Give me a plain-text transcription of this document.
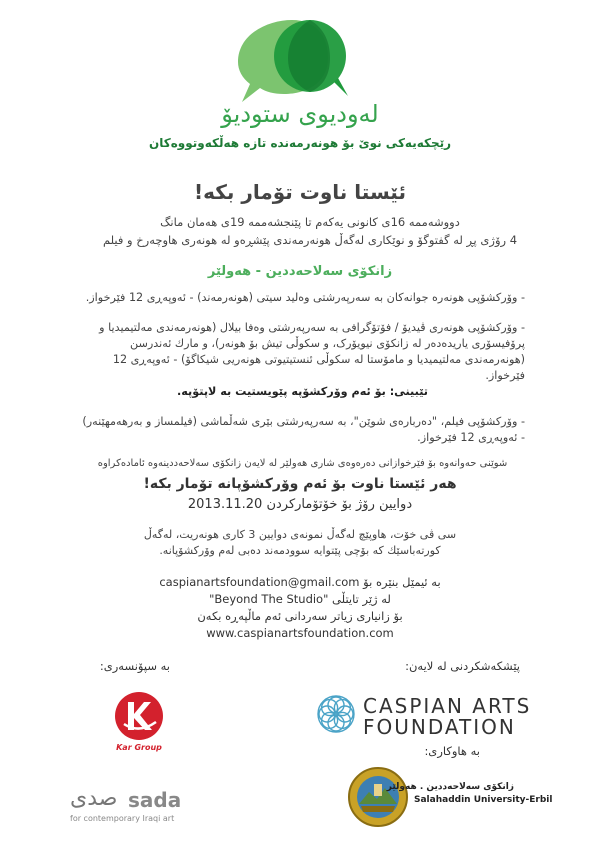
لەودیوی ستودیۆ
رێچکەیەکی نوێ بۆ هونەرمەندە تازە هەڵکەوتووەکان
ئێستا ناوت تۆمار بکە!
دووشەممە 16ی کانونی یەکەم تا پێنجشەممە 19ی هەمان مانگ
4 رۆژی پڕ لە گفتوگۆ و نوێکاری لەگەڵ هونەرمەندی پێشڕەو لە هونەری هاوچەرخ و فیلم
زانکۆی سەلاحەددین - هەولێر
- وۆرکشۆپی هونەرە جوانەکان بە سەرپەرشتی وەلید سیتی (هونەرمەند) - ئەوپەڕی 12 فێرخواز.
- وۆرکشۆپی هونەری ڤیدیۆ / فۆتۆگرافی بە سەرپەرشتی وەفا بیلال (هونەرمەندی مەلتیمیدیا و پرۆفیسۆری یاریدەدەر لە زانکۆی نیویۆرک، و سکوڵی تیش بۆ هونەر)، و مارك ئەندرسن (هونەرمەندی مەلتیمیدیا و مامۆستا لە سکوڵی ئنستیتیوتی هونەریی شیکاگۆ) - ئەوپەڕی 12 فێرخواز.
تێبینی: بۆ ئەم وۆرکشۆپە پێویستیت بە لاپتۆپە.
- وۆرکشۆپی فیلم، "دەربارەی شوێن"، بە سەرپەرشتی بێری شەڵماشی (فیلمساز و بەرهەمهێنەر) - ئەوپەڕی 12 فێرخواز.
شوێنی حەوانەوە بۆ فێرخوازانی دەرەوەی شاری هەولێر لە لایەن زانکۆی سەلاحەددینەوە ئامادەکراوە
هەر ئێستا ناوت بۆ ئەم وۆرکشۆپانە تۆمار بکە!
دوایین رۆژ بۆ خۆتۆمارکردن 2013.11.20
سی ڤی خۆت، هاوپێچ لەگەڵ نمونەی دوایین 3 کاری هونەریت، لەگەڵ
کورتەباسێك کە بۆچی پێتوایە سوودمەند دەبی لەم وۆرکشۆپانە.
بە ئیمێل بنێرە بۆ caspianartsfoundation@gmail.com
لە ژێر تایتڵی "Beyond The Studio"
بۆ زانیاری زیاتر سەردانی ئەم ماڵپەڕە بکەن www.caspianartsfoundation.com
بە سپۆنسەری:	پێشکەشکردنی لە لایەن:
بە هاوکاری:
Kar Group
CASPIAN ARTS
FOUNDATION
صدى sada
for contemporary Iraqi art
زانكۆی سەلاحەددین . هەولێر
Salahaddin University-Erbil
